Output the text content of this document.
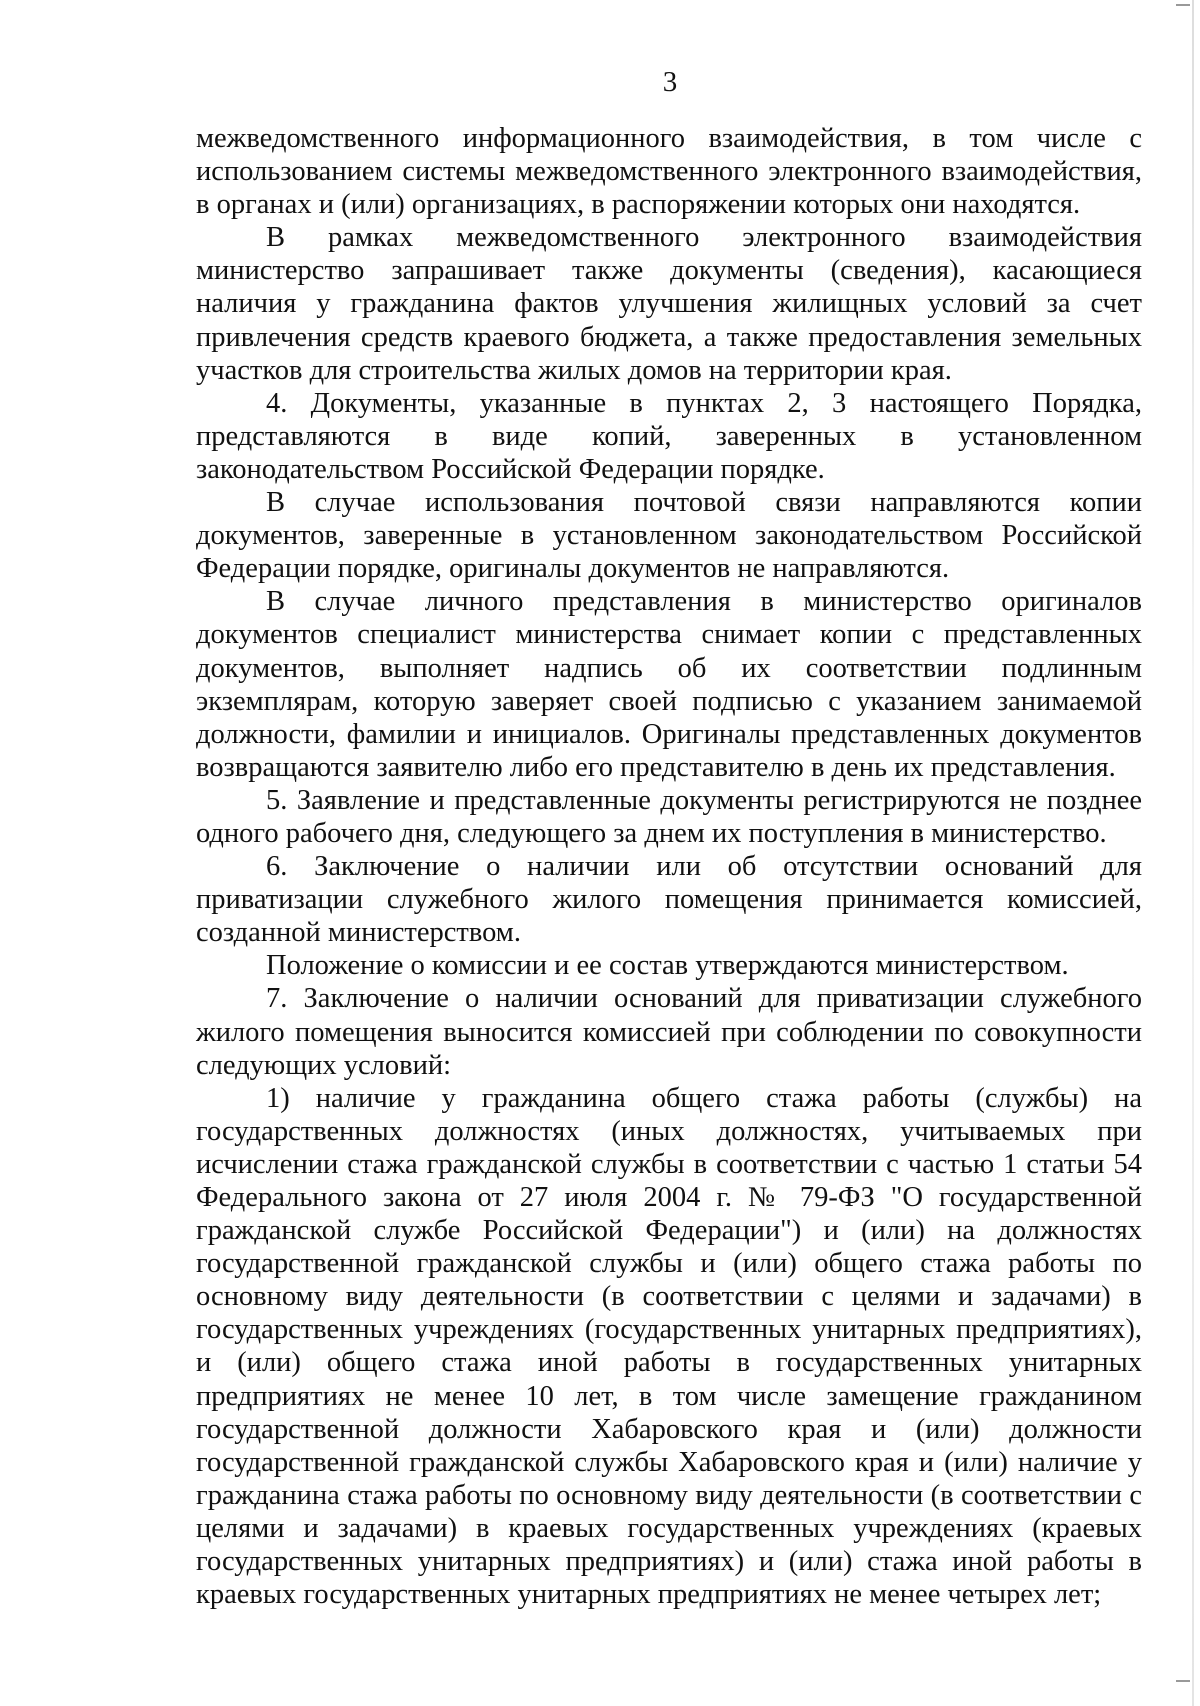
3

межведомственного информационного взаимодействия, в том числе с использованием системы межведомственного электронного взаимодействия, в органах и (или) организациях, в распоряжении которых они находятся.

В рамках межведомственного электронного взаимодействия министерство запрашивает также документы (сведения), касающиеся наличия у гражданина фактов улучшения жилищных условий за счет привлечения средств краевого бюджета, а также предоставления земельных участков для строительства жилых домов на территории края.

4. Документы, указанные в пунктах 2, 3 настоящего Порядка, представляются в виде копий, заверенных в установленном законодательством Российской Федерации порядке.

В случае использования почтовой связи направляются копии документов, заверенные в установленном законодательством Российской Федерации порядке, оригиналы документов не направляются.

В случае личного представления в министерство оригиналов документов специалист министерства снимает копии с представленных документов, выполняет надпись об их соответствии подлинным экземплярам, которую заверяет своей подписью с указанием занимаемой должности, фамилии и инициалов. Оригиналы представленных документов возвращаются заявителю либо его представителю в день их представления.

5. Заявление и представленные документы регистрируются не позднее одного рабочего дня, следующего за днем их поступления в министерство.

6. Заключение о наличии или об отсутствии оснований для приватизации служебного жилого помещения принимается комиссией, созданной министерством.

Положение о комиссии и ее состав утверждаются министерством.

7. Заключение о наличии оснований для приватизации служебного жилого помещения выносится комиссией при соблюдении по совокупности следующих условий:

1) наличие у гражданина общего стажа работы (службы) на государственных должностях (иных должностях, учитываемых при исчислении стажа гражданской службы в соответствии с частью 1 статьи 54 Федерального закона от 27 июля 2004 г. № 79-ФЗ "О государственной гражданской службе Российской Федерации") и (или) на должностях государственной гражданской службы и (или) общего стажа работы по основному виду деятельности (в соответствии с целями и задачами) в государственных учреждениях (государственных унитарных предприятиях), и (или) общего стажа иной работы в государственных унитарных предприятиях не менее 10 лет, в том числе замещение гражданином государственной должности Хабаровского края и (или) должности государственной гражданской службы Хабаровского края и (или) наличие у гражданина стажа работы по основному виду деятельности (в соответствии с целями и задачами) в краевых государственных учреждениях (краевых государственных унитарных предприятиях) и (или) стажа иной работы в краевых государственных унитарных предприятиях не менее четырех лет;
